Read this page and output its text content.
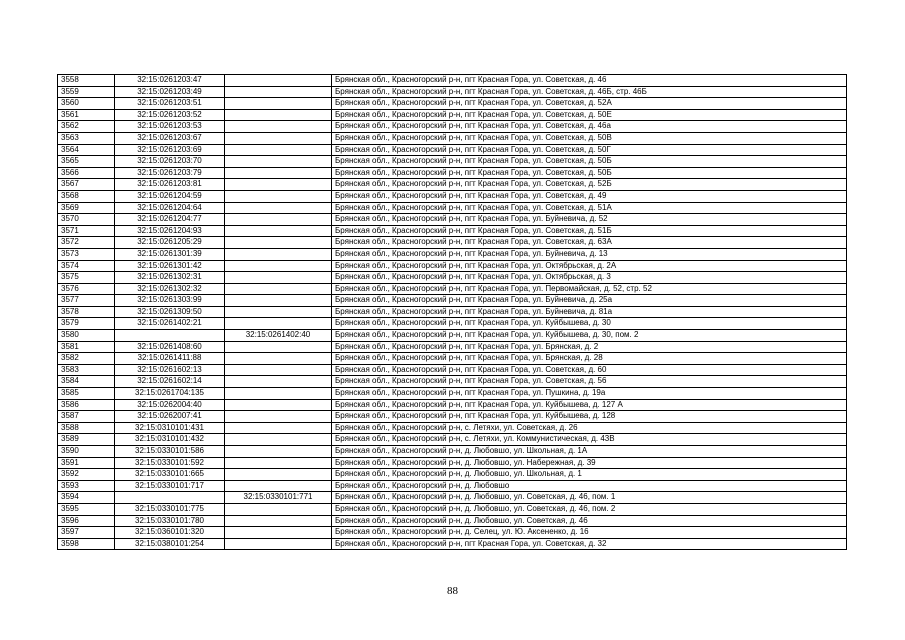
3558	32:15:0261203:47		Брянская обл., Красногорский р-н, пгт Красная Гора, ул. Советская, д. 46
3559	32:15:0261203:49		Брянская обл., Красногорский р-н, пгт Красная Гора, ул. Советская, д. 46Б, стр. 46Б
3560	32:15:0261203:51		Брянская обл., Красногорский р-н, пгт Красная Гора, ул. Советская, д. 52А
3561	32:15:0261203:52		Брянская обл., Красногорский р-н, пгт Красная Гора, ул. Советская, д. 50Е
3562	32:15:0261203:53		Брянская обл., Красногорский р-н, пгт Красная Гора, ул. Советская, д. 46а
3563	32:15:0261203:67		Брянская обл., Красногорский р-н, пгт Красная Гора, ул. Советская, д. 50В
3564	32:15:0261203:69		Брянская обл., Красногорский р-н, пгт Красная Гора, ул. Советская, д. 50Г
3565	32:15:0261203:70		Брянская обл., Красногорский р-н, пгт Красная Гора, ул. Советская, д. 50Б
3566	32:15:0261203:79		Брянская обл., Красногорский р-н, пгт Красная Гора, ул. Советская, д. 50Б
3567	32:15:0261203:81		Брянская обл., Красногорский р-н, пгт Красная Гора, ул. Советская, д. 52Б
3568	32:15:0261204:59		Брянская обл., Красногорский р-н, пгт Красная Гора, ул. Советская, д. 49
3569	32:15:0261204:64		Брянская обл., Красногорский р-н, пгт Красная Гора, ул. Советская, д. 51А
3570	32:15:0261204:77		Брянская обл., Красногорский р-н, пгт Красная Гора, ул. Буйневича, д. 52
3571	32:15:0261204:93		Брянская обл., Красногорский р-н, пгт Красная Гора, ул. Советская, д. 51Б
3572	32:15:0261205:29		Брянская обл., Красногорский р-н, пгт Красная Гора, ул. Советская, д. 63А
3573	32:15:0261301:39		Брянская обл., Красногорский р-н, пгт Красная Гора, ул. Буйневича, д. 13
3574	32:15:0261301:42		Брянская обл., Красногорский р-н, пгт Красная Гора, ул. Октябрьская, д. 2А
3575	32:15:0261302:31		Брянская обл., Красногорский р-н, пгт Красная Гора, ул. Октябрьская, д. 3
3576	32:15:0261302:32		Брянская обл., Красногорский р-н, пгт Красная Гора, ул. Первомайская, д. 52, стр. 52
3577	32:15:0261303:99		Брянская обл., Красногорский р-н, пгт Красная Гора, ул. Буйневича, д. 25а
3578	32:15:0261309:50		Брянская обл., Красногорский р-н, пгт Красная Гора, ул. Буйневича, д. 81а
3579	32:15:0261402:21		Брянская обл., Красногорский р-н, пгт Красная Гора, ул. Куйбышева, д. 30
3580		32:15:0261402:40	Брянская обл., Красногорский р-н, пгт Красная Гора, ул. Куйбышева, д. 30, пом. 2
3581	32:15:0261408:60		Брянская обл., Красногорский р-н, пгт Красная Гора, ул. Брянская, д. 2
3582	32:15:0261411:88		Брянская обл., Красногорский р-н, пгт Красная Гора, ул. Брянская, д. 28
3583	32:15:0261602:13		Брянская обл., Красногорский р-н, пгт Красная Гора, ул. Советская, д. 60
3584	32:15:0261602:14		Брянская обл., Красногорский р-н, пгт Красная Гора, ул. Советская, д. 56
3585	32:15:0261704:135		Брянская обл., Красногорский р-н, пгт Красная Гора, ул. Пушкина, д. 19а
3586	32:15:0262004:40		Брянская обл., Красногорский р-н, пгт Красная Гора, ул. Куйбышева, д. 127 А
3587	32:15:0262007:41		Брянская обл., Красногорский р-н, пгт Красная Гора, ул. Куйбышева, д. 128
3588	32:15:0310101:431		Брянская обл., Красногорский р-н, с. Летяхи, ул. Советская, д. 26
3589	32:15:0310101:432		Брянская обл., Красногорский р-н, с. Летяхи, ул. Коммунистическая, д. 43В
3590	32:15:0330101:586		Брянская обл., Красногорский р-н, д. Любовшо, ул. Школьная, д. 1А
3591	32:15:0330101:592		Брянская обл., Красногорский р-н, д. Любовшо, ул. Набережная, д. 39
3592	32:15:0330101:665		Брянская обл., Красногорский р-н, д. Любовшо, ул. Школьная, д. 1
3593	32:15:0330101:717		Брянская обл., Красногорский р-н, д. Любовшо
3594		32:15:0330101:771	Брянская обл., Красногорский р-н, д. Любовшо, ул. Советская, д. 46, пом. 1
3595	32:15:0330101:775		Брянская обл., Красногорский р-н, д. Любовшо, ул. Советская, д. 46, пом. 2
3596	32:15:0330101:780		Брянская обл., Красногорский р-н, д. Любовшо, ул. Советская, д. 46
3597	32:15:0360101:320		Брянская обл., Красногорский р-н, д. Селец, ул. Ю. Аксененко, д. 16
3598	32:15:0380101:254		Брянская обл., Красногорский р-н, пгт Красная Гора, ул. Советская, д. 32
88
